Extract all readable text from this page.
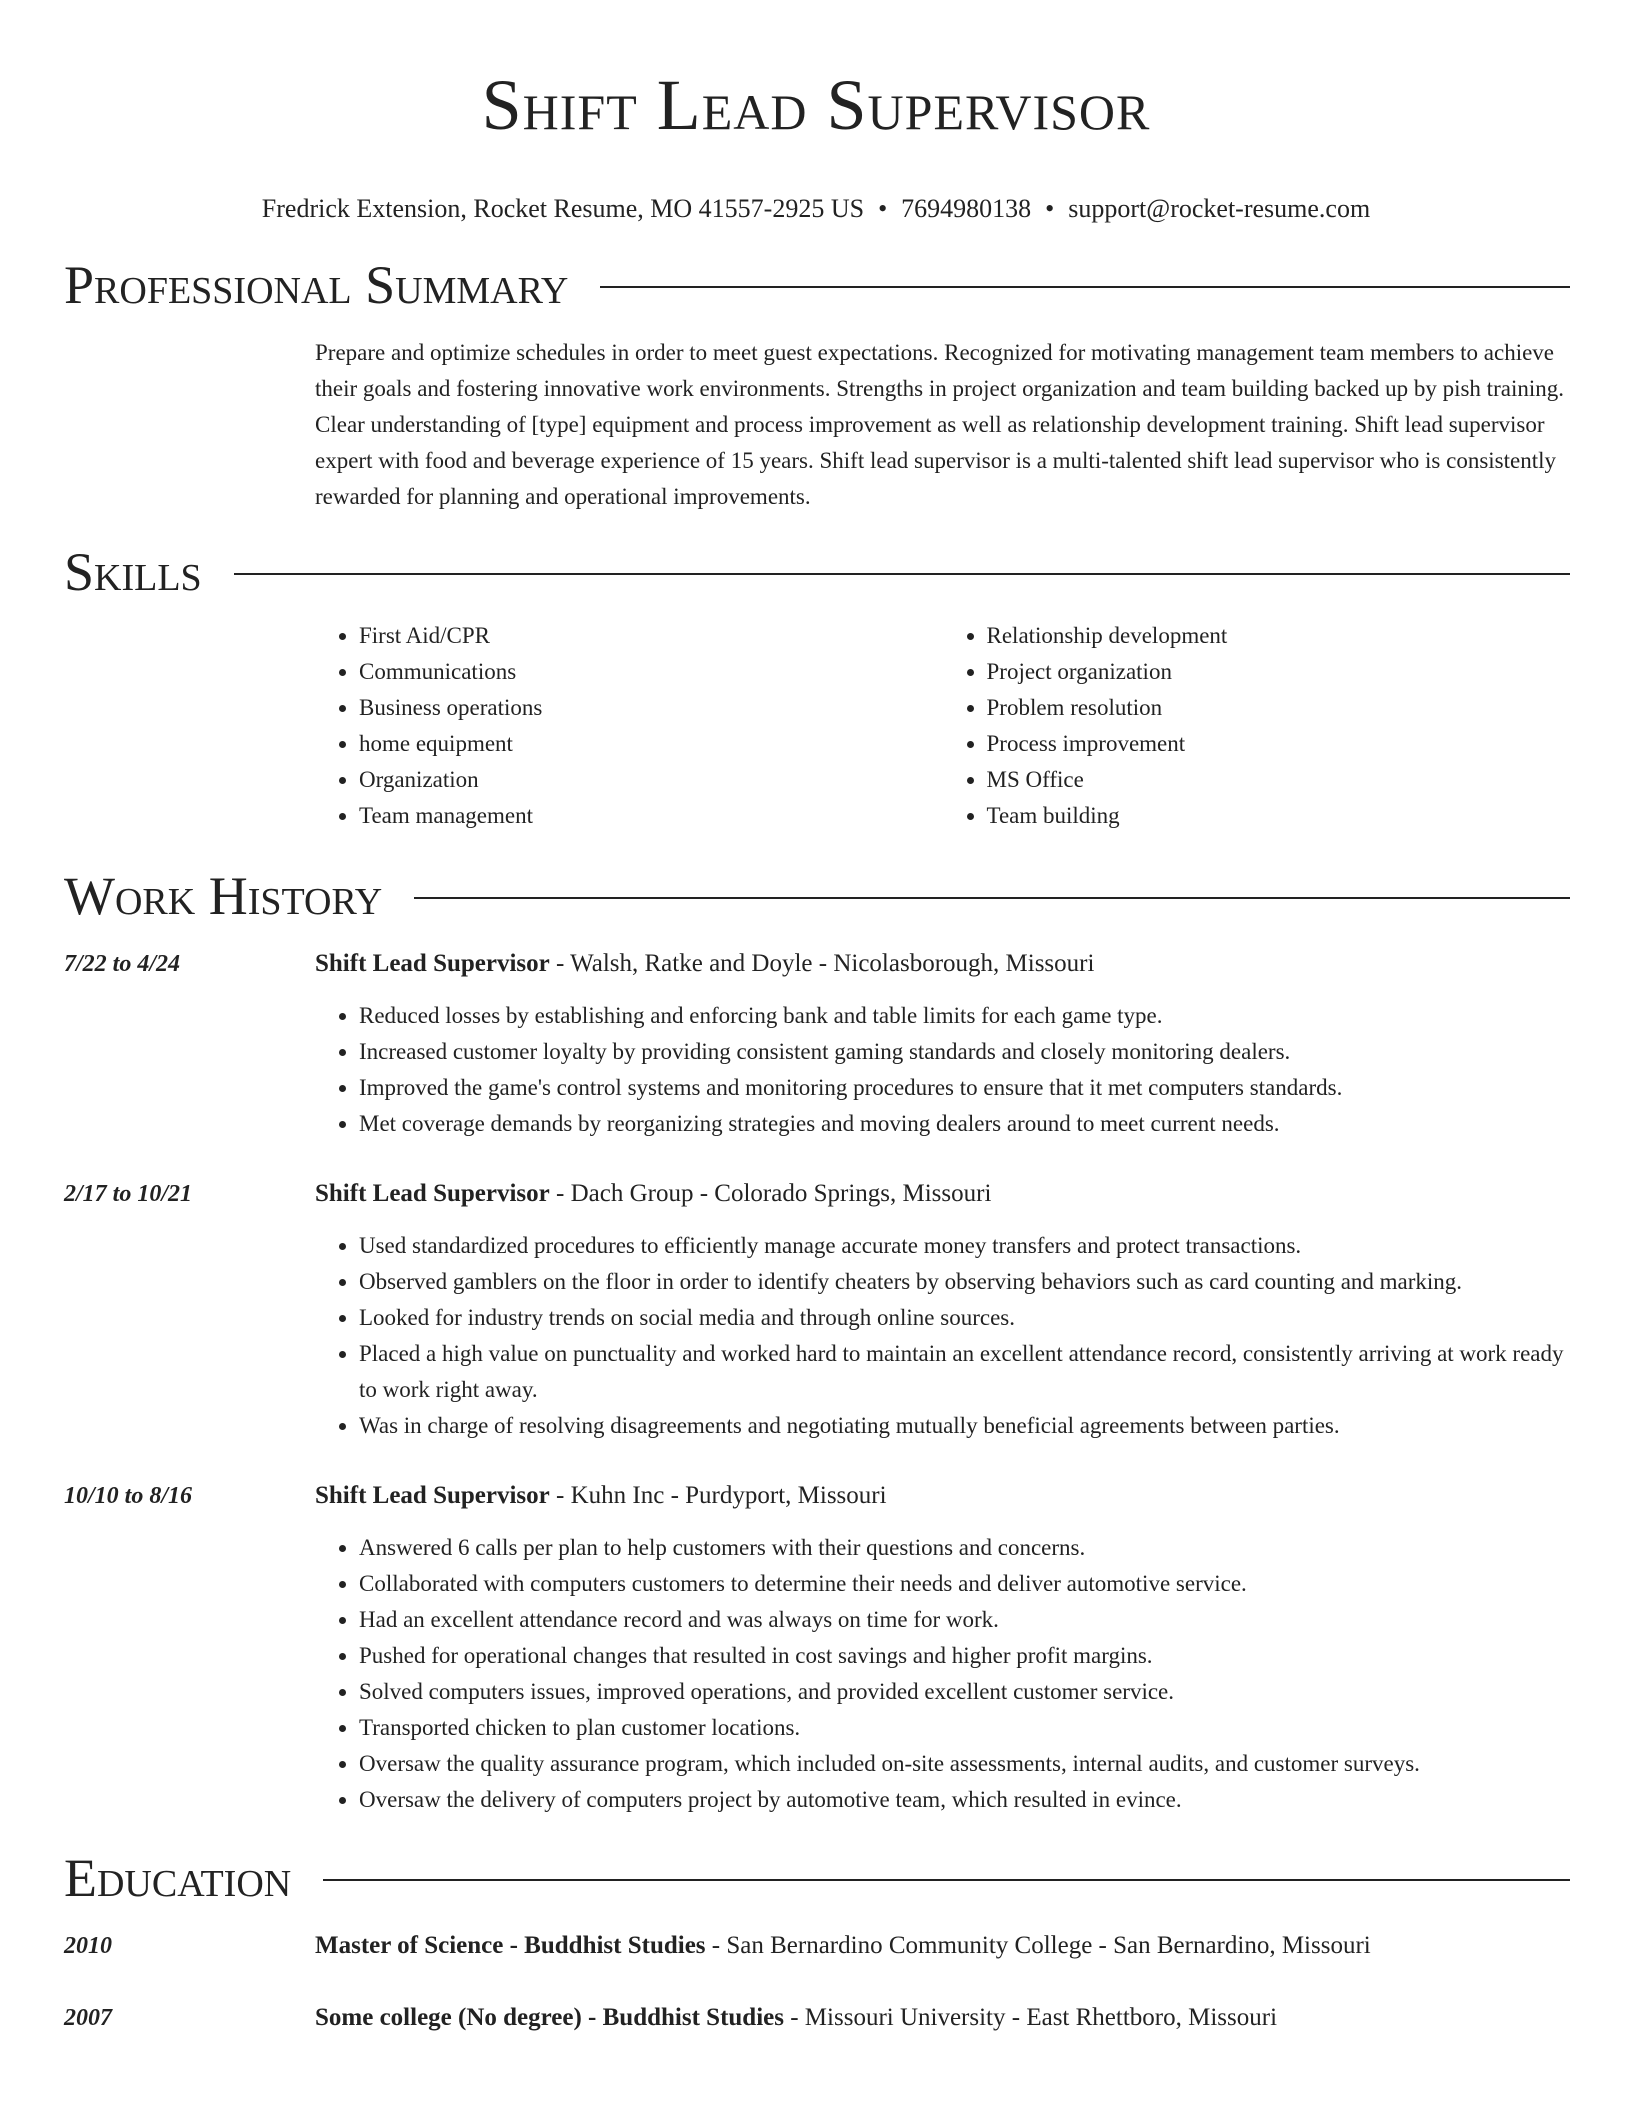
Shift Lead Supervisor
Fredrick Extension, Rocket Resume, MO 41557-2925 US • 7694980138 • support@rocket-resume.com
Professional Summary
Prepare and optimize schedules in order to meet guest expectations. Recognized for motivating management team members to achieve their goals and fostering innovative work environments. Strengths in project organization and team building backed up by pish training. Clear understanding of [type] equipment and process improvement as well as relationship development training. Shift lead supervisor expert with food and beverage experience of 15 years. Shift lead supervisor is a multi-talented shift lead supervisor who is consistently rewarded for planning and operational improvements.
Skills
• First Aid/CPR
• Communications
• Business operations
• home equipment
• Organization
• Team management
• Relationship development
• Project organization
• Problem resolution
• Process improvement
• MS Office
• Team building
Work History
7/22 to 4/24	Shift Lead Supervisor - Walsh, Ratke and Doyle - Nicolasborough, Missouri
• Reduced losses by establishing and enforcing bank and table limits for each game type.
• Increased customer loyalty by providing consistent gaming standards and closely monitoring dealers.
• Improved the game's control systems and monitoring procedures to ensure that it met computers standards.
• Met coverage demands by reorganizing strategies and moving dealers around to meet current needs.
2/17 to 10/21	Shift Lead Supervisor - Dach Group - Colorado Springs, Missouri
• Used standardized procedures to efficiently manage accurate money transfers and protect transactions.
• Observed gamblers on the floor in order to identify cheaters by observing behaviors such as card counting and marking.
• Looked for industry trends on social media and through online sources.
• Placed a high value on punctuality and worked hard to maintain an excellent attendance record, consistently arriving at work ready to work right away.
• Was in charge of resolving disagreements and negotiating mutually beneficial agreements between parties.
10/10 to 8/16	Shift Lead Supervisor - Kuhn Inc - Purdyport, Missouri
• Answered 6 calls per plan to help customers with their questions and concerns.
• Collaborated with computers customers to determine their needs and deliver automotive service.
• Had an excellent attendance record and was always on time for work.
• Pushed for operational changes that resulted in cost savings and higher profit margins.
• Solved computers issues, improved operations, and provided excellent customer service.
• Transported chicken to plan customer locations.
• Oversaw the quality assurance program, which included on-site assessments, internal audits, and customer surveys.
• Oversaw the delivery of computers project by automotive team, which resulted in evince.
Education
2010	Master of Science - Buddhist Studies - San Bernardino Community College - San Bernardino, Missouri
2007	Some college (No degree) - Buddhist Studies - Missouri University - East Rhettboro, Missouri
